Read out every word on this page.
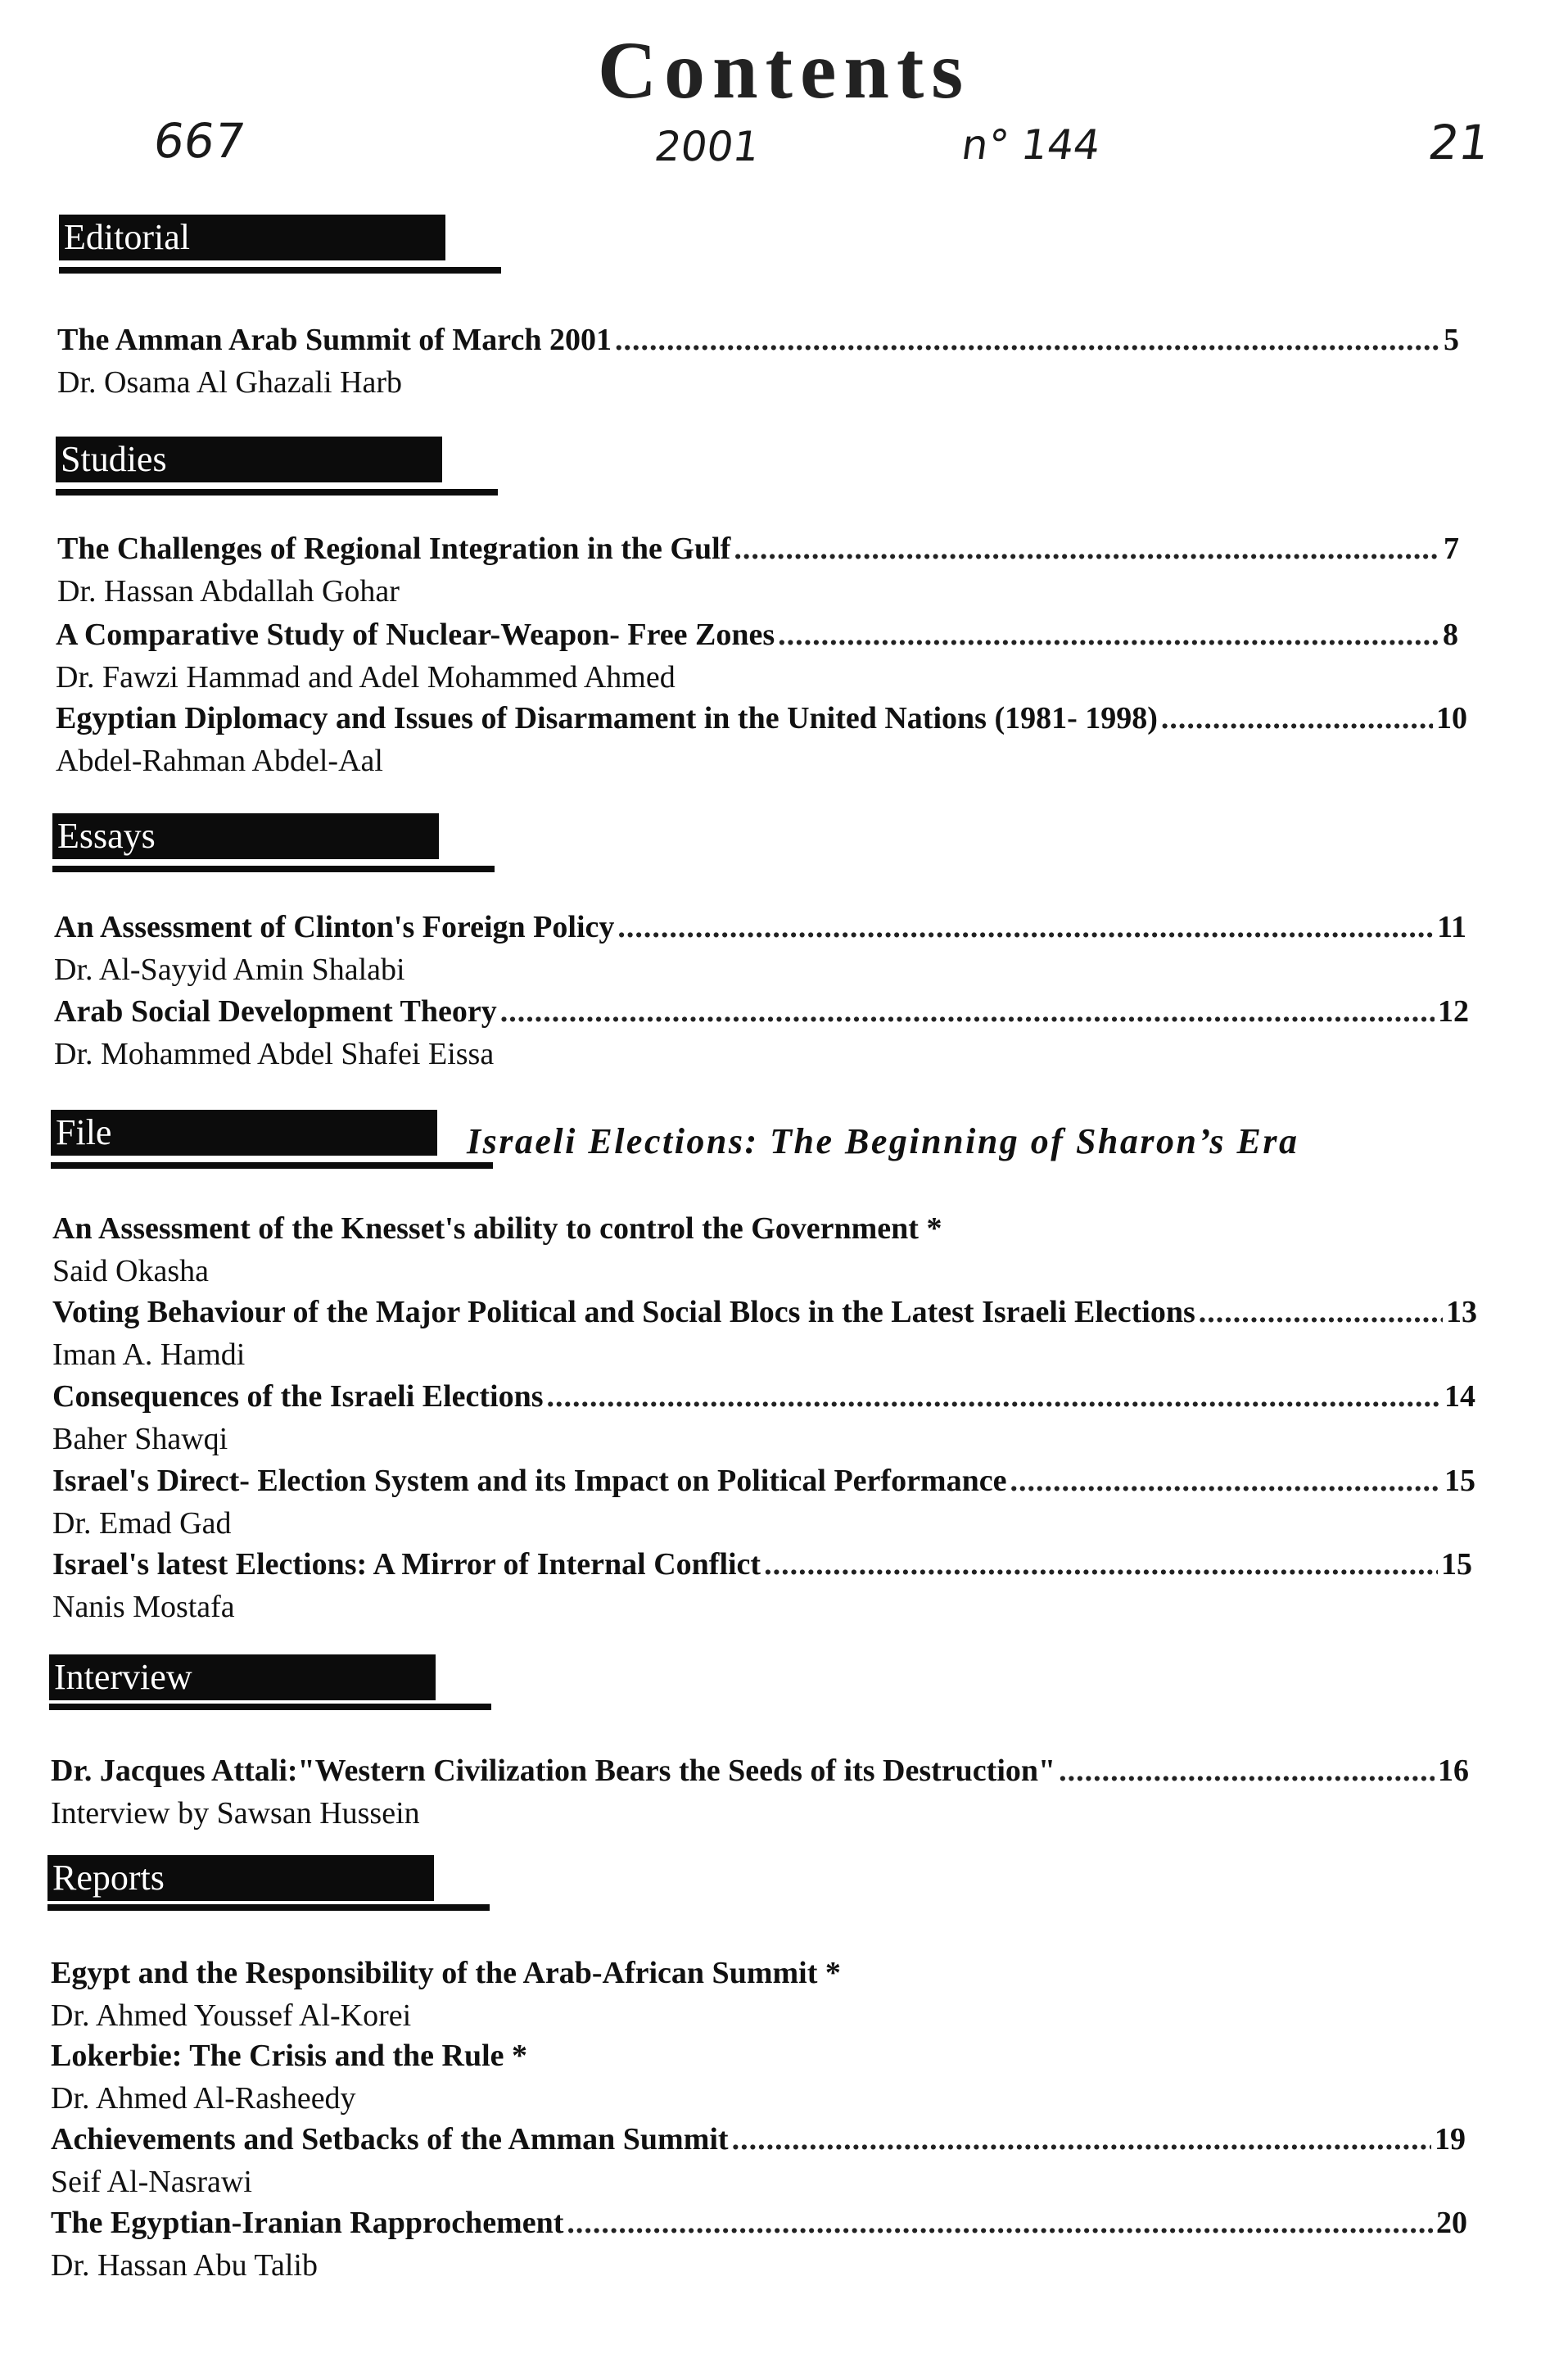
Contents
667	2001	n° 144	21
Editorial
The Amman Arab Summit of March 2001 .....	5
Dr. Osama Al Ghazali Harb
Studies
The Challenges of Regional Integration in the Gulf .....	7
Dr. Hassan Abdallah Gohar
A Comparative Study of Nuclear-Weapon- Free Zones .....	8
Dr. Fawzi Hammad and Adel Mohammed Ahmed
Egyptian Diplomacy and Issues of Disarmament in the United Nations (1981- 1998) .....	10
Abdel-Rahman Abdel-Aal
Essays
An Assessment of Clinton's Foreign Policy .....	11
Dr. Al-Sayyid Amin Shalabi
Arab Social Development Theory .....	12
Dr. Mohammed Abdel Shafei Eissa
File	Israeli Elections: The Beginning of Sharon’s Era
An Assessment of the Knesset's ability to control the Government *
Said Okasha
Voting Behaviour of the Major Political and Social Blocs in the Latest Israeli Elections .....	13
Iman A. Hamdi
Consequences of the Israeli Elections .....	14
Baher Shawqi
Israel's Direct- Election System and its Impact on Political Performance .....	15
Dr. Emad Gad
Israel's latest Elections: A Mirror of Internal Conflict .....	15
Nanis Mostafa
Interview
Dr. Jacques Attali:"Western Civilization Bears the Seeds of its Destruction" .....	16
Interview by Sawsan Hussein
Reports
Egypt and the Responsibility of the Arab-African Summit *
Dr. Ahmed Youssef Al-Korei
Lokerbie: The Crisis and the Rule *
Dr. Ahmed Al-Rasheedy
Achievements and Setbacks of the Amman Summit .....	19
Seif Al-Nasrawi
The Egyptian-Iranian Rapprochement .....	20
Dr. Hassan Abu Talib
